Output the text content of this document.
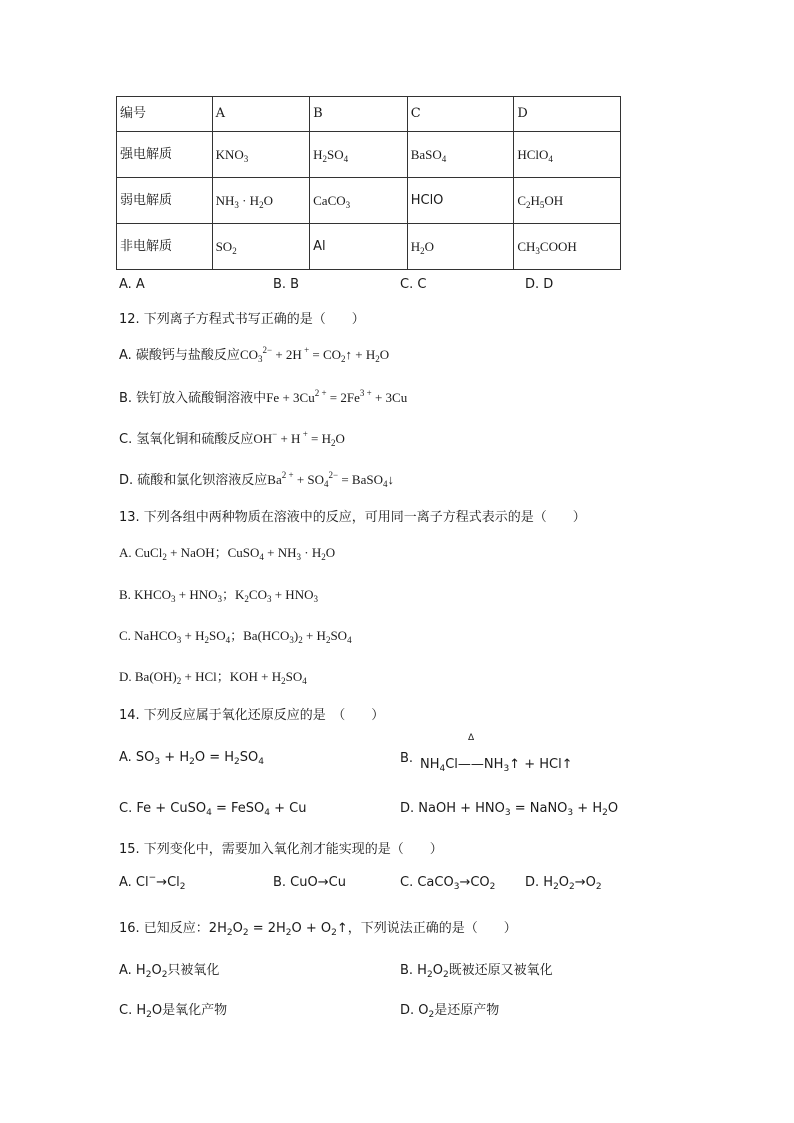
编号	A	B	C	D
强电解质	$KNO_3$	$H_2SO_4$	BaSO$_4$	HClO$_4$
弱电解质	$NH_3 \cdot H_2O$	CaCO$_3$	HClO	$C_2H_5OH$
非电解质	$SO_2$	Al	$H_2O$	$CH_3COOH$
A. A	B. B	C. C	D. D
12. 下列离子方程式书写正确的是（　　）
A. 碳酸钙与盐酸反应$CO_3^{2-} + 2H$ $^+ = CO_2↑ + H_2O$
B. 铁钉放入硫酸铜溶液中$Fe + 3Cu^{2 +} = 2Fe^{3 +} + 3Cu$
C. 氢氧化铜和硫酸反应OH− + H $^+ = H_2O$
D. 硫酸和氯化钡溶液反应$Ba^{2 +} + SO_4^{2-}$ = BaSO$_4$↓
13. 下列各组中两种物质在溶液中的反应，可用同一离子方程式表示的是（　　）
A. CuCl$_2$ + NaOH；CuSO$_4$ + $NH_3 \cdot H_2O$
B. $KHCO_3 + HNO_3$；$K_2CO_3 + HNO_3$
C. NaHCO$_3$ + $H_2SO_4$；$Ba(HCO_3)_2 + H_2SO_4$
D. $Ba(OH)_2$ + HCl；KOH + $H_2SO_4$
14. 下列反应属于氧化还原反应的是　（　　）
Δ
A. $SO_3 + H_2O = H_2SO_4$	B. $NH_4Cl——NH_3↑$ + HCl↑
C. Fe + CuSO$_4$ = FeSO$_4$ + Cu	D. NaOH + $HNO_3$ = NaNO$_3$ + $H_2O$
15. 下列变化中，需要加入氧化剂才能实现的是（　　）
A. $Cl^-\to Cl_2$	B. CuO→Cu	C. $CaCO_3\to CO_2$ D. $H_2O_2\to O_2$
16. 已知反应：$2H_2O_2 = 2H_2O$ + $O_2↑$，下列说法正确的是（　　）
A. $H_2O_2$只被氧化	B. $H_2O_2$既被还原又被氧化
C. $H_2O$是氧化产物	D. $O_2$是还原产物
